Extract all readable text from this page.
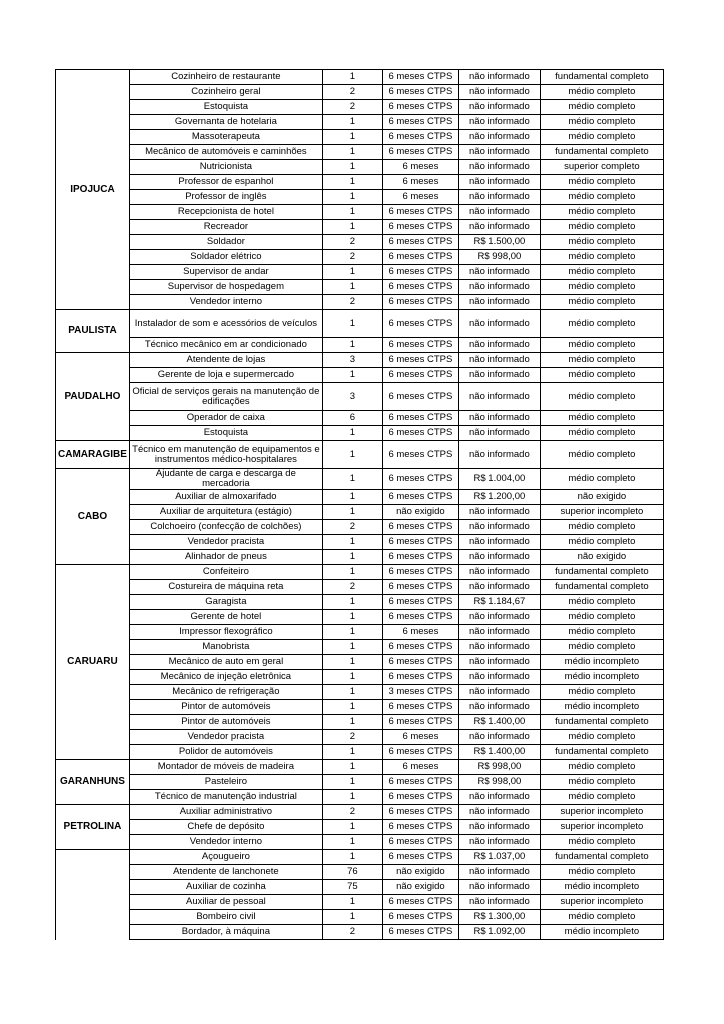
IPOJUCA	Cozinheiro de restaurante	1	6 meses CTPS	não informado	fundamental completo
	Cozinheiro geral	2	6 meses CTPS	não informado	médio completo
	Estoquista	2	6 meses CTPS	não informado	médio completo
	Governanta de hotelaria	1	6 meses CTPS	não informado	médio completo
	Massoterapeuta	1	6 meses CTPS	não informado	médio completo
	Mecânico de automóveis e caminhões	1	6 meses CTPS	não informado	fundamental completo
	Nutricionista	1	6 meses	não informado	superior completo
	Professor de espanhol	1	6 meses	não informado	médio completo
	Professor de inglês	1	6 meses	não informado	médio completo
	Recepcionista de hotel	1	6 meses CTPS	não informado	médio completo
	Recreador	1	6 meses CTPS	não informado	médio completo
	Soldador	2	6 meses CTPS	R$ 1.500,00	médio completo
	Soldador elétrico	2	6 meses CTPS	R$ 998,00	médio completo
	Supervisor de andar	1	6 meses CTPS	não informado	médio completo
	Supervisor de hospedagem	1	6 meses CTPS	não informado	médio completo
	Vendedor interno	2	6 meses CTPS	não informado	médio completo
PAULISTA	Instalador de som e acessórios de veículos	1	6 meses CTPS	não informado	médio completo
	Técnico mecânico em ar condicionado	1	6 meses CTPS	não informado	médio completo
PAUDALHO	Atendente de lojas	3	6 meses CTPS	não informado	médio completo
	Gerente de loja e supermercado	1	6 meses CTPS	não informado	médio completo
	Oficial de serviços gerais na manutenção de edificações	3	6 meses CTPS	não informado	médio completo
	Operador de caixa	6	6 meses CTPS	não informado	médio completo
	Estoquista	1	6 meses CTPS	não informado	médio completo
CAMARAGIBE	Técnico em manutenção de equipamentos e instrumentos médico-hospitalares	1	6 meses CTPS	não informado	médio completo
CABO	Ajudante de carga e descarga de mercadoria	1	6 meses CTPS	R$ 1.004,00	médio completo
	Auxiliar de almoxarifado	1	6 meses CTPS	R$ 1.200,00	não exigido
	Auxiliar de arquitetura (estágio)	1	não exigido	não informado	superior incompleto
	Colchoeiro (confecção de colchões)	2	6 meses CTPS	não informado	médio completo
	Vendedor pracista	1	6 meses CTPS	não informado	médio completo
	Alinhador de pneus	1	6 meses CTPS	não informado	não exigido
CARUARU	Confeiteiro	1	6 meses CTPS	não informado	fundamental completo
	Costureira de máquina reta	2	6 meses CTPS	não informado	fundamental completo
	Garagista	1	6 meses CTPS	R$ 1.184,67	médio completo
	Gerente de hotel	1	6 meses CTPS	não informado	médio completo
	Impressor flexográfico	1	6 meses	não informado	médio completo
	Manobrista	1	6 meses CTPS	não informado	médio completo
	Mecânico de auto em geral	1	6 meses CTPS	não informado	médio incompleto
	Mecânico de injeção eletrônica	1	6 meses CTPS	não informado	médio incompleto
	Mecânico de refrigeração	1	3 meses CTPS	não informado	médio completo
	Pintor de automóveis	1	6 meses CTPS	não informado	médio incompleto
	Pintor de automóveis	1	6 meses CTPS	R$ 1.400,00	fundamental completo
	Vendedor pracista	2	6 meses	não informado	médio completo
	Polidor de automóveis	1	6 meses CTPS	R$ 1.400,00	fundamental completo
GARANHUNS	Montador de móveis de madeira	1	6 meses	R$ 998,00	médio completo
	Pasteleiro	1	6 meses CTPS	R$ 998,00	médio completo
	Técnico de manutenção industrial	1	6 meses CTPS	não informado	médio completo
PETROLINA	Auxiliar administrativo	2	6 meses CTPS	não informado	superior incompleto
	Chefe de depósito	1	6 meses CTPS	não informado	superior incompleto
	Vendedor interno	1	6 meses CTPS	não informado	médio completo
	Açougueiro	1	6 meses CTPS	R$ 1.037,00	fundamental completo
	Atendente de lanchonete	76	não exigido	não informado	médio completo
	Auxiliar de cozinha	75	não exigido	não informado	médio incompleto
	Auxiliar de pessoal	1	6 meses CTPS	não informado	superior incompleto
	Bombeiro civil	1	6 meses CTPS	R$ 1.300,00	médio completo
	Bordador, à máquina	2	6 meses CTPS	R$ 1.092,00	médio incompleto
